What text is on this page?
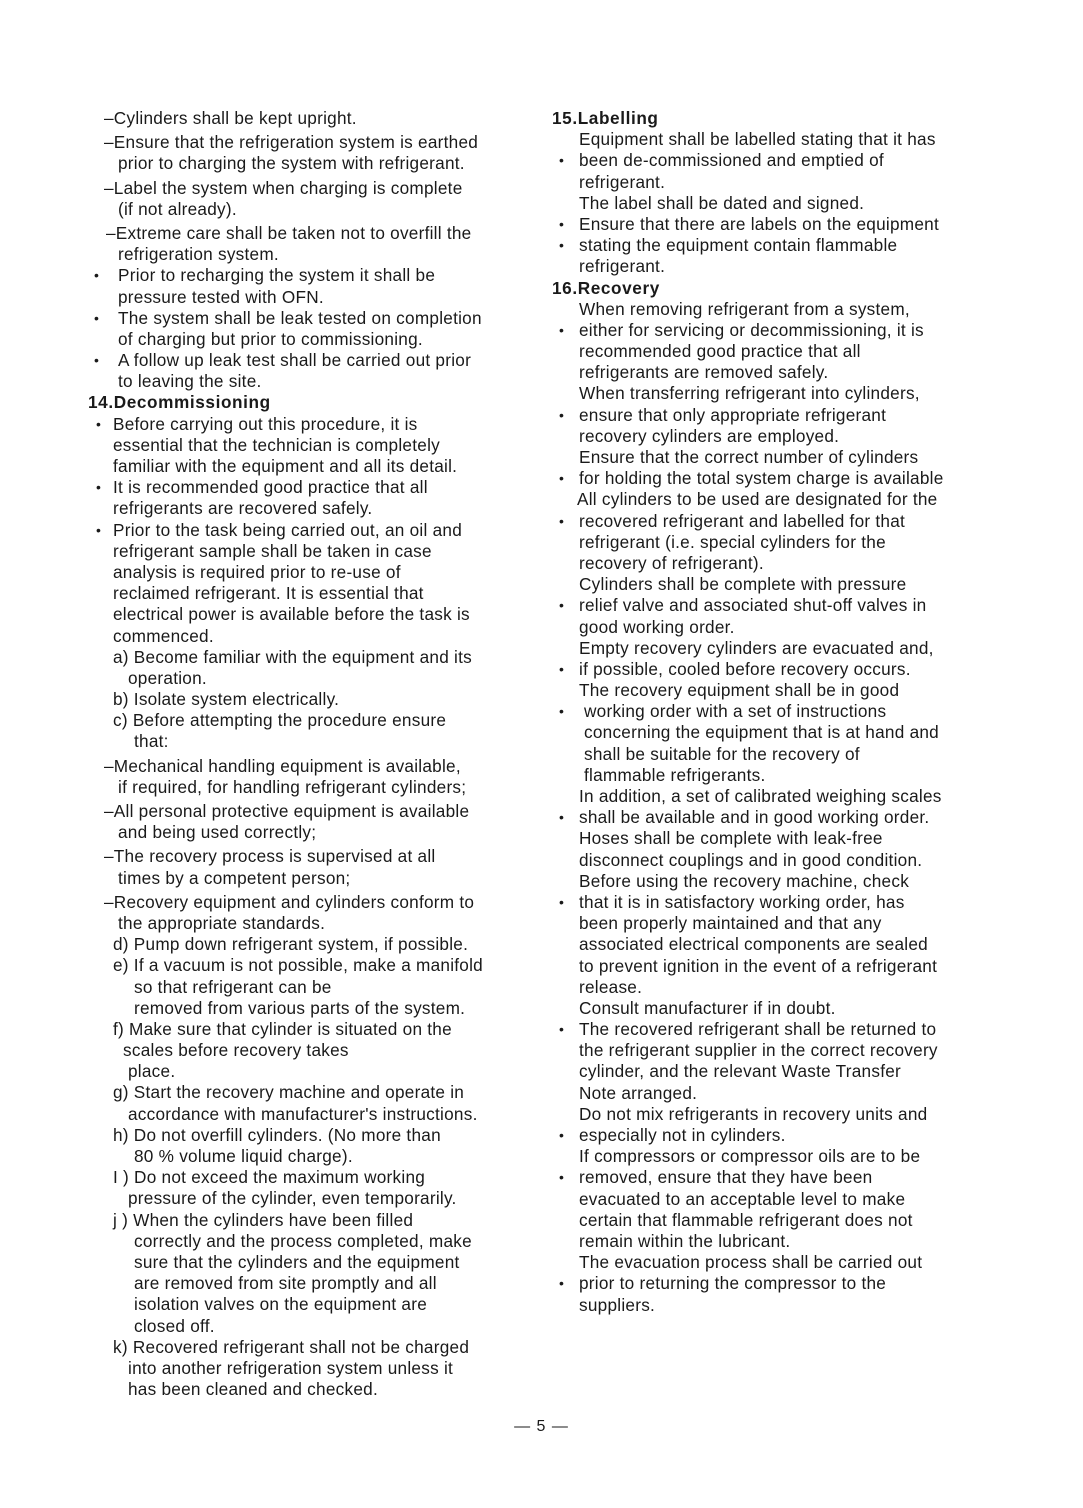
–Cylinders shall be kept upright.
–Ensure that the refrigeration system is earthed
prior to charging the system with refrigerant.
–Label the system when charging is complete
(if not already).
–Extreme care shall be taken not to overfill the
refrigeration system.
• Prior to recharging the system it shall be
pressure tested with OFN.
• The system shall be leak tested on completion
of charging but prior to commissioning.
• A follow up leak test shall be carried out prior
to leaving the site.
14.Decommissioning
• Before carrying out this procedure, it is
essential that the technician is completely
familiar with the equipment and all its detail.
• It is recommended good practice that all
refrigerants are recovered safely.
• Prior to the task being carried out, an oil and
refrigerant sample shall be taken in case
analysis is required prior to re-use of
reclaimed refrigerant. It is essential that
electrical power is available before the task is
commenced.
a) Become familiar with the equipment and its
operation.
b) Isolate system electrically.
c) Before attempting the procedure ensure
that:
–Mechanical handling equipment is available,
if required, for handling refrigerant cylinders;
–All personal protective equipment is available
and being used correctly;
–The recovery process is supervised at all
times by a competent person;
–Recovery equipment and cylinders conform to
the appropriate standards.
d) Pump down refrigerant system, if possible.
e) If a vacuum is not possible, make a manifold
so that refrigerant can be
removed from various parts of the system.
f) Make sure that cylinder is situated on the
scales before recovery takes
place.
g) Start the recovery machine and operate in
accordance with manufacturer's instructions.
h) Do not overfill cylinders. (No more than
80 % volume liquid charge).
I ) Do not exceed the maximum working
pressure of the cylinder, even temporarily.
j ) When the cylinders have been filled
correctly and the process completed, make
sure that the cylinders and the equipment
are removed from site promptly and all
isolation valves on the equipment are
closed off.
k) Recovered refrigerant shall not be charged
into another refrigeration system unless it
has been cleaned and checked.
15.Labelling
Equipment shall be labelled stating that it has
• been de-commissioned and emptied of
refrigerant.
The label shall be dated and signed.
• Ensure that there are labels on the equipment
• stating the equipment contain flammable
refrigerant.
16.Recovery
When removing refrigerant from a system,
• either for servicing or decommissioning, it is
recommended good practice that all
refrigerants are removed safely.
When transferring refrigerant into cylinders,
• ensure that only appropriate refrigerant
recovery cylinders are employed.
Ensure that the correct number of cylinders
• for holding the total system charge is available
All cylinders to be used are designated for the
• recovered refrigerant and labelled for that
refrigerant (i.e. special cylinders for the
recovery of refrigerant).
Cylinders shall be complete with pressure
• relief valve and associated shut-off valves in
good working order.
Empty recovery cylinders are evacuated and,
• if possible, cooled before recovery occurs.
The recovery equipment shall be in good
• working order with a set of instructions
concerning the equipment that is at hand and
shall be suitable for the recovery of
flammable refrigerants.
In addition, a set of calibrated weighing scales
• shall be available and in good working order.
Hoses shall be complete with leak-free
disconnect couplings and in good condition.
Before using the recovery machine, check
• that it is in satisfactory working order, has
been properly maintained and that any
associated electrical components are sealed
to prevent ignition in the event of a refrigerant
release.
Consult manufacturer if in doubt.
• The recovered refrigerant shall be returned to
the refrigerant supplier in the correct recovery
cylinder, and the relevant Waste Transfer
Note arranged.
Do not mix refrigerants in recovery units and
• especially not in cylinders.
If compressors or compressor oils are to be
• removed, ensure that they have been
evacuated to an acceptable level to make
certain that flammable refrigerant does not
remain within the lubricant.
The evacuation process shall be carried out
• prior to returning the compressor to the
suppliers.
— 5 —
